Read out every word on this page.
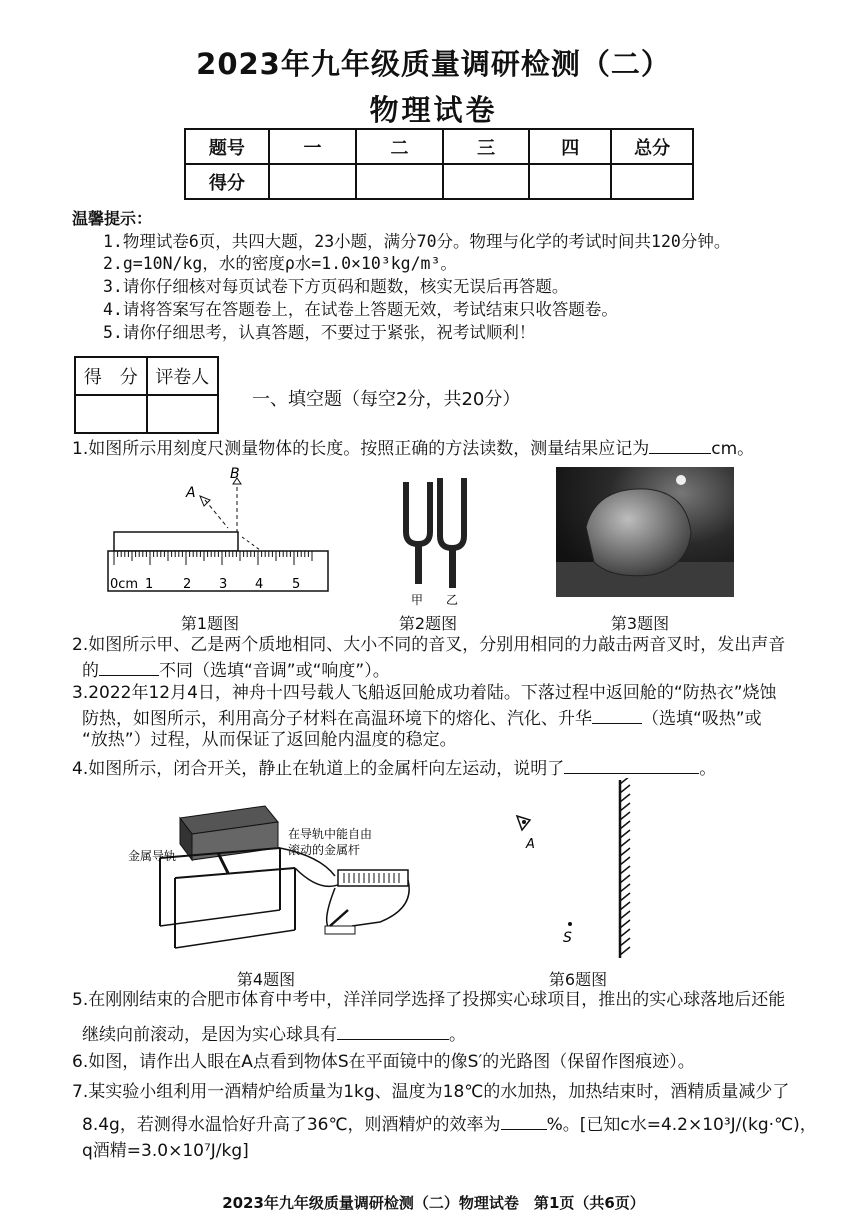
2023年九年级质量调研检测（二）
物理试卷
题号	一	二	三	四	总分
得分					
温馨提示：
1.物理试卷6页，共四大题，23小题，满分70分。物理与化学的考试时间共120分钟。
2.g=10N/kg，水的密度ρ水=1.0×10³kg/m³。
3.请你仔细核对每页试卷下方页码和题数，核实无误后再答题。
4.请将答案写在答题卷上，在试卷上答题无效，考试结束只收答题卷。
5.请你仔细思考，认真答题，不要过于紧张，祝考试顺利！
得　分	评卷人

一、填空题（每空2分，共20分）
1.如图所示用刻度尺测量物体的长度。按照正确的方法读数，测量结果应记为	cm。
A
B
0cm 1 2 3 4 5
第1题图
甲 乙
第2题图	第3题图
2.如图所示甲、乙是两个质地相同、大小不同的音叉，分别用相同的力敲击两音叉时，发出声音
的	不同（选填“音调”或“响度”）。
3.2022年12月4日，神舟十四号载人飞船返回舱成功着陆。下落过程中返回舱的“防热衣”烧蚀
防热，如图所示，利用高分子材料在高温环境下的熔化、汽化、升华	（选填“吸热”或
“放热”）过程，从而保证了返回舱内温度的稳定。
4.如图所示，闭合开关，静止在轨道上的金属杆向左运动，说明了	。
金属导轨
在导轨中能自由
滚动的金属杆
第4题图
A
S
第6题图
5.在刚刚结束的合肥市体育中考中，洋洋同学选择了投掷实心球项目，推出的实心球落地后还能
继续向前滚动，是因为实心球具有	。
6.如图，请作出人眼在A点看到物体S在平面镜中的像S′的光路图（保留作图痕迹）。
7.某实验小组利用一酒精炉给质量为1kg、温度为18℃的水加热，加热结束时，酒精质量减少了
8.4g，若测得水温恰好升高了36℃，则酒精炉的效率为	%。[已知c水=4.2×10³J/(kg·℃)，
q酒精=3.0×10⁷J/kg]
2023年九年级质量调研检测（二）物理试卷　第1页（共6页）
